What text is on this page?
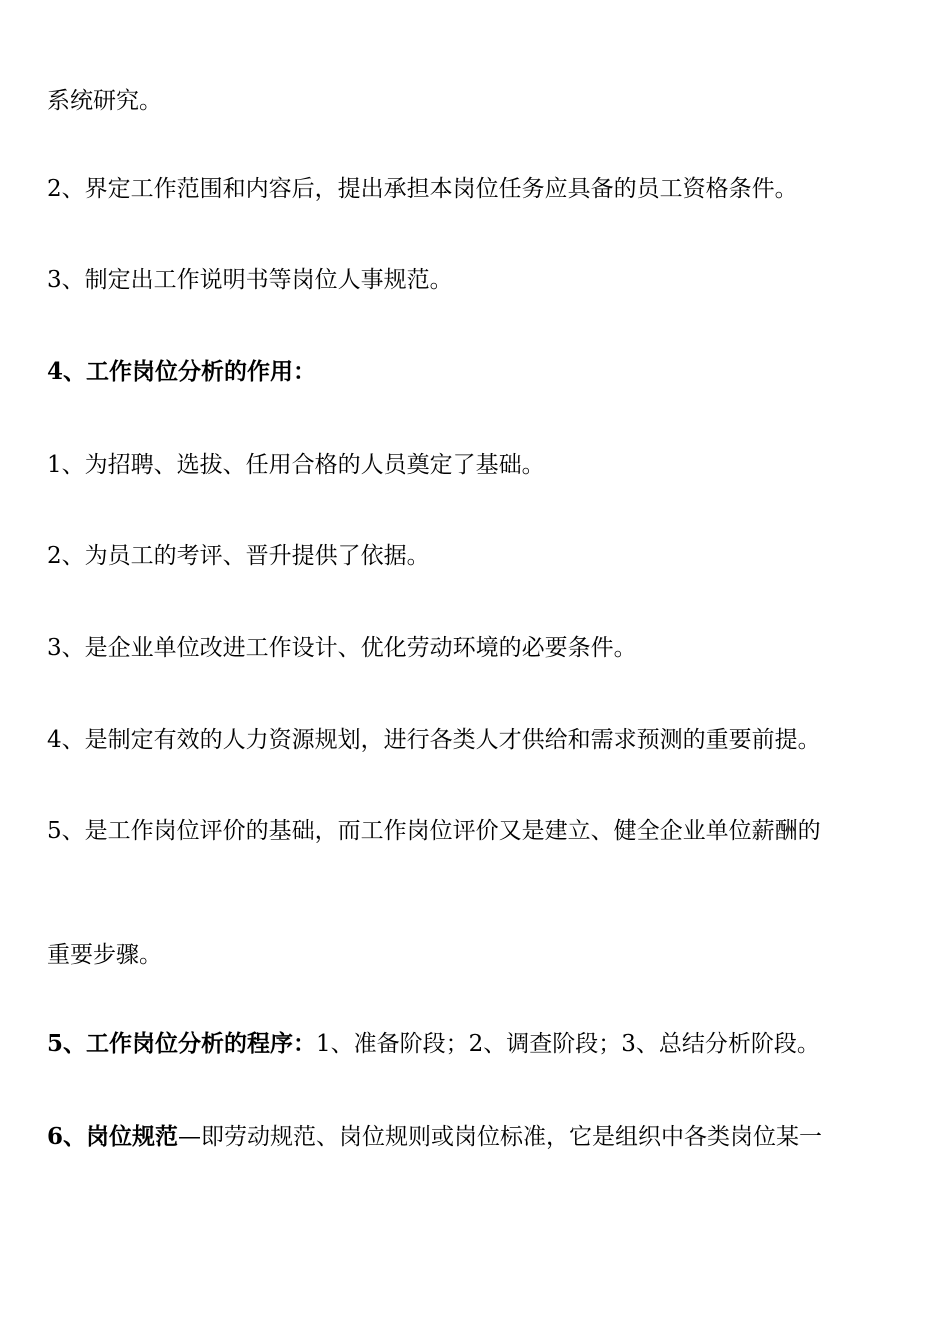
系统研究。

2、界定工作范围和内容后，提出承担本岗位任务应具备的员工资格条件。

3、制定出工作说明书等岗位人事规范。

4、工作岗位分析的作用：

1、为招聘、选拔、任用合格的人员奠定了基础。

2、为员工的考评、晋升提供了依据。

3、是企业单位改进工作设计、优化劳动环境的必要条件。

4、是制定有效的人力资源规划，进行各类人才供给和需求预测的重要前提。

5、是工作岗位评价的基础，而工作岗位评价又是建立、健全企业单位薪酬的

重要步骤。

5、工作岗位分析的程序：1、准备阶段；2、调查阶段；3、总结分析阶段。

6、岗位规范—即劳动规范、岗位规则或岗位标准，它是组织中各类岗位某一
